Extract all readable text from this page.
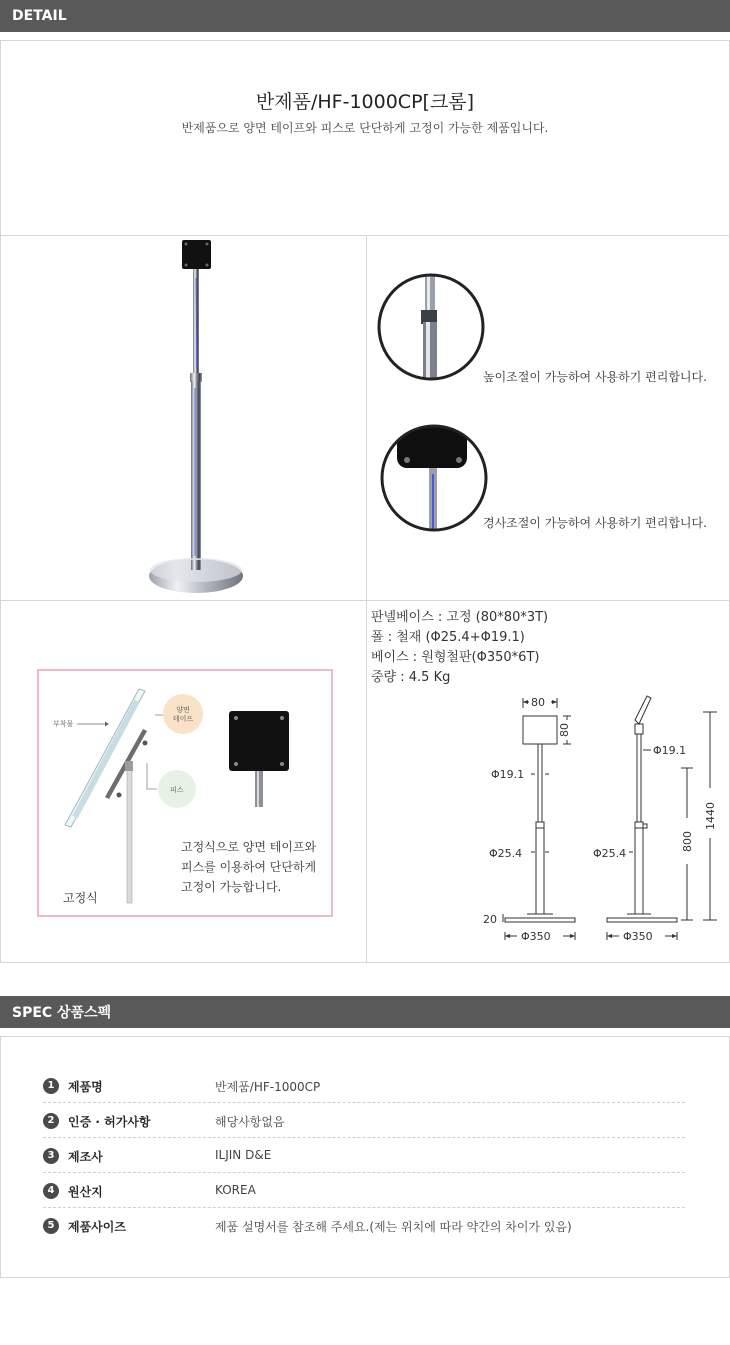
DETAIL
반제품/HF-1000CP[크롬]
반제품으로 양면 테이프와 피스로 단단하게 고정이 가능한 제품입니다.
높이조절이 가능하여 사용하기 편리합니다.
경사조절이 가능하여 사용하기 편리합니다.
부착물
양면
테이프
피스
고정식으로 양면 테이프와 피스를 이용하여 단단하게 고정이 가능합니다.
고정식
판넬베이스 : 고정 (80*80*3T)
폴 : 철재 (Φ25.4+Φ19.1)
베이스 : 원형철판(Φ350*6T)
중량 : 4.5 Kg
80
80
Φ19.1
Φ25.4
20
Φ350
Φ19.1
Φ25.4
Φ350
800
1440
SPEC 상품스펙
1	제품명	반제품/HF-1000CP
2	인증 · 허가사항	해당사항없음
3	제조사	ILJIN D&E
4	원산지	KOREA
5	제품사이즈	제품 설명서를 참조해 주세요.(제는 위치에 따라 약간의 차이가 있음)
